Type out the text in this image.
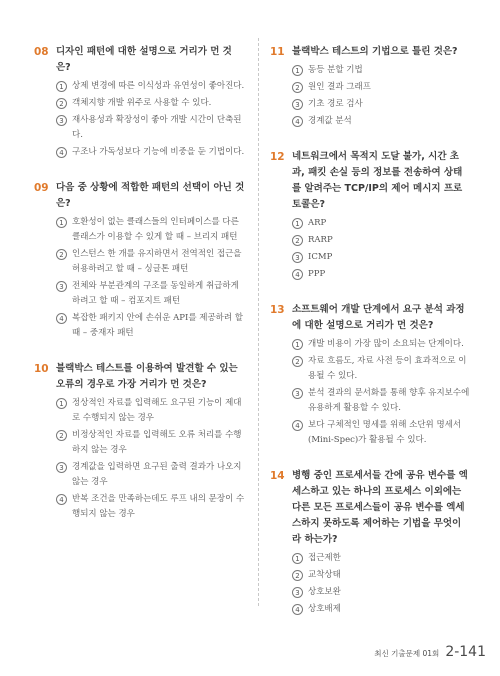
08 디자인 패턴에 대한 설명으로 거리가 먼 것은?
1 상제 변경에 따른 이식성과 유연성이 좋아진다.
2 객체지향 개발 위주로 사용할 수 있다.
3 재사용성과 확장성이 좋아 개발 시간이 단축된다.
4 구조나 가독성보다 기능에 비중을 둔 기법이다.
09 다음 중 상황에 적합한 패턴의 선택이 아닌 것은?
1 호환성이 없는 클래스들의 인터페이스를 다른 클래스가 이용할 수 있게 할 때 – 브리지 패턴
2 인스턴스 한 개를 유지하면서 전역적인 접근을 허용하려고 할 때 – 싱글톤 패턴
3 전체와 부분관계의 구조를 동일하게 취급하게 하려고 할 때 – 컴포지트 패턴
4 복잡한 패키지 안에 손쉬운 API를 제공하려 할 때 – 중재자 패턴
10 블랙박스 테스트를 이용하여 발견할 수 있는 오류의 경우로 가장 거리가 먼 것은?
1 정상적인 자료를 입력해도 요구된 기능이 제대로 수행되지 않는 경우
2 비정상적인 자료를 입력해도 오류 처리를 수행하지 않는 경우
3 경계값을 입력하면 요구된 출력 결과가 나오지 않는 경우
4 반복 조건을 만족하는데도 루프 내의 문장이 수행되지 않는 경우
11 블랙박스 테스트의 기법으로 틀린 것은?
1 동등 분할 기법
2 원인 결과 그래프
3 기초 경로 검사
4 경계값 분석
12 네트워크에서 목적지 도달 불가, 시간 초과, 패킷 손실 등의 정보를 전송하여 상태를 알려주는 TCP/IP의 제어 메시지 프로토콜은?
1 ARP
2 RARP
3 ICMP
4 PPP
13 소프트웨어 개발 단계에서 요구 분석 과정에 대한 설명으로 거리가 먼 것은?
1 개발 비용이 가장 많이 소요되는 단계이다.
2 자료 흐름도, 자료 사전 등이 효과적으로 이용될 수 있다.
3 분석 결과의 문서화를 통해 향후 유지보수에 유용하게 활용할 수 있다.
4 보다 구체적인 명세를 위해 소단위 명세서(Mini-Spec)가 활용될 수 있다.
14 병행 중인 프로세서들 간에 공유 변수를 엑세스하고 있는 하나의 프로세스 이외에는 다른 모든 프로세스들이 공유 변수를 엑세스하지 못하도록 제어하는 기법을 무엇이라 하는가?
1 접근제한
2 교착상태
3 상호보완
4 상호배제
최신 기출문제 01회 2-141
